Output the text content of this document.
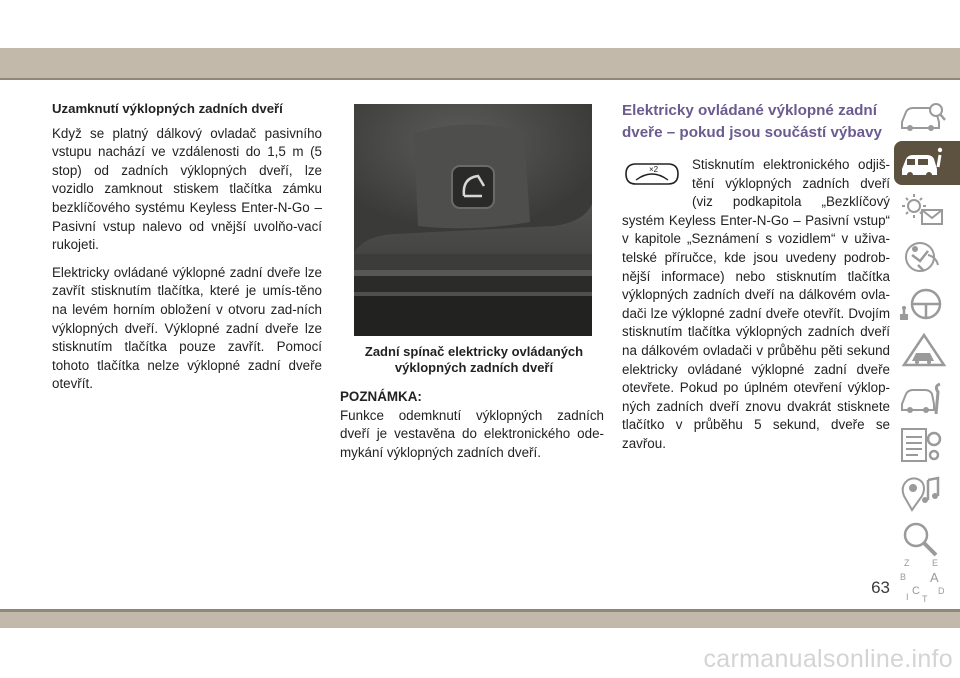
Uzamknutí výklopných zadních dveří

Když se platný dálkový ovladač pasivního vstupu nachází ve vzdálenosti do 1,5 m (5 stop) od zadních výklopných dveří, lze vozidlo zamknout stiskem tlačítka zámku bezklíčového systému Keyless Enter-N-Go – Pasivní vstup nalevo od vnější uvolňo-vací rukojeti.

Elektricky ovládané výklopné zadní dveře lze zavřít stisknutím tlačítka, které je umís-těno na levém horním obložení v otvoru zad-ních výklopných dveří. Výklopné zadní dveře lze stisknutím tlačítka pouze zavřít. Pomocí tohoto tlačítka nelze výklopné zadní dveře otevřít.

Zadní spínač elektricky ovládaných výklopných zadních dveří
POZNÁMKA:

Funkce odemknutí výklopných zadních dveří je vestavěna do elektronického ode-mykání výklopných zadních dveří.

Elektricky ovládané výklopné zadní dveře – pokud jsou součástí výbavy
×2	Stisknutím elektronického odjiš-tění výklopných zadních dveří (viz podkapitola „Bezklíčový systém Keyless Enter-N-Go – Pasivní vstup“ v kapitole „Seznámení s vozidlem“ v uživa-telské příručce, kde jsou uvedeny podrob-nější informace) nebo stisknutím tlačítka výklopných zadních dveří na dálkovém ovla-dači lze výklopné zadní dveře otevřít. Dvojím stisknutím tlačítka výklopných zadních dveří na dálkovém ovladači v průběhu pěti sekund elektricky ovládané výklopné zadní dveře otevřete. Pokud po úplném otevření výklop-ných zadních dveří znovu dvakrát stisknete tlačítko v průběhu 5 sekund, dveře se zavřou.

Z	E
B A
C D
I T
63
carmanualsonline.info
